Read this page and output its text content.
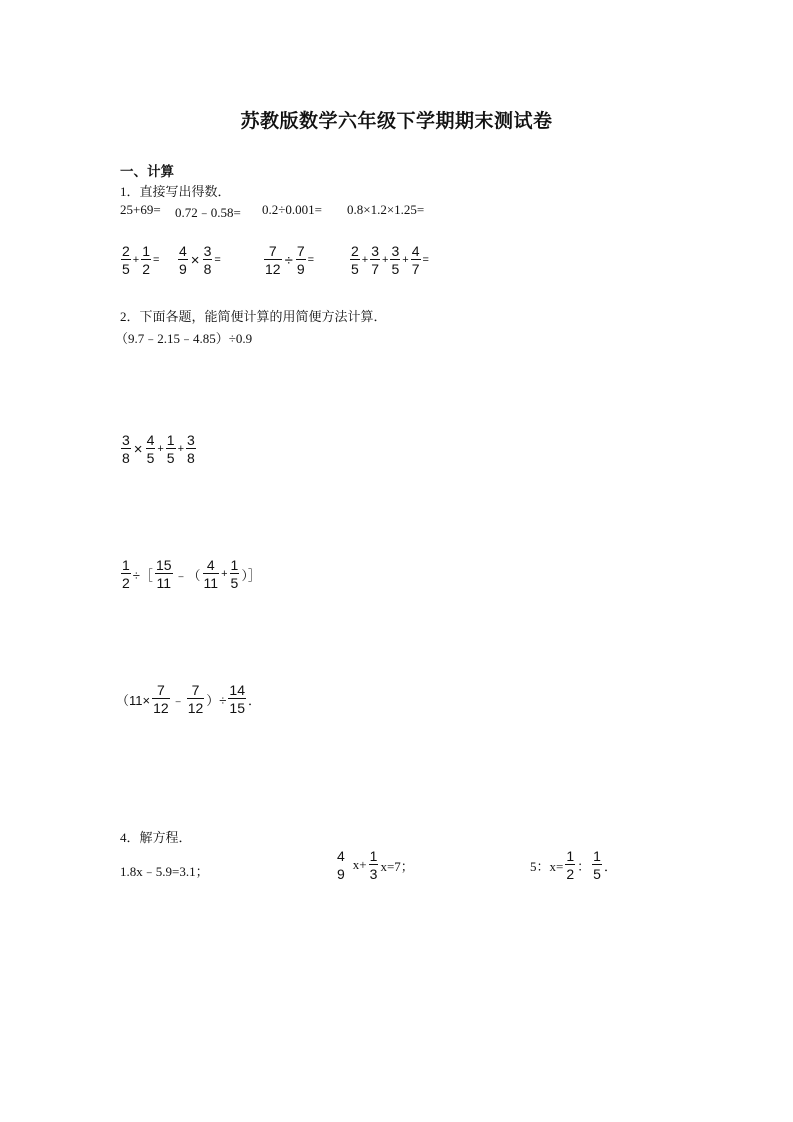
苏教版数学六年级下学期期末测试卷
一、计算
1．直接写出得数．
25+69= 0.72﹣0.58= 0.2÷0.001= 0.8×1.2×1.25=
$\frac{2}{5} + \frac{1}{2} = \frac{4}{9} \times \frac{3}{8}$ =	$\frac{7}{12} \div \frac{7}{9}$ =	$\frac{2}{5} + \frac{3}{7} + \frac{3}{5} + \frac{4}{7}$ =
2．下面各题，能简便计算的用简便方法计算．
（9.7﹣2.15﹣4.85）÷0.9
$\frac{3}{8} \times \frac{4}{5} + \frac{1}{5} + \frac{3}{8}$
$\frac{1}{2}$ ÷［ $\frac{15}{11}$ ﹣（ $\frac{4}{11} + \frac{1}{5}$ ）］
（$11\times \frac{7}{12}$ ﹣ $\frac{7}{12}$ ）÷ $\frac{14}{15}$ ．
4．解方程．
1.8x﹣5.9=3.1；	$\frac{4}{9} x+ \frac{1}{3} x=7$；	5：$x= \frac{1}{2}$ ： $\frac{1}{5}$ ．
